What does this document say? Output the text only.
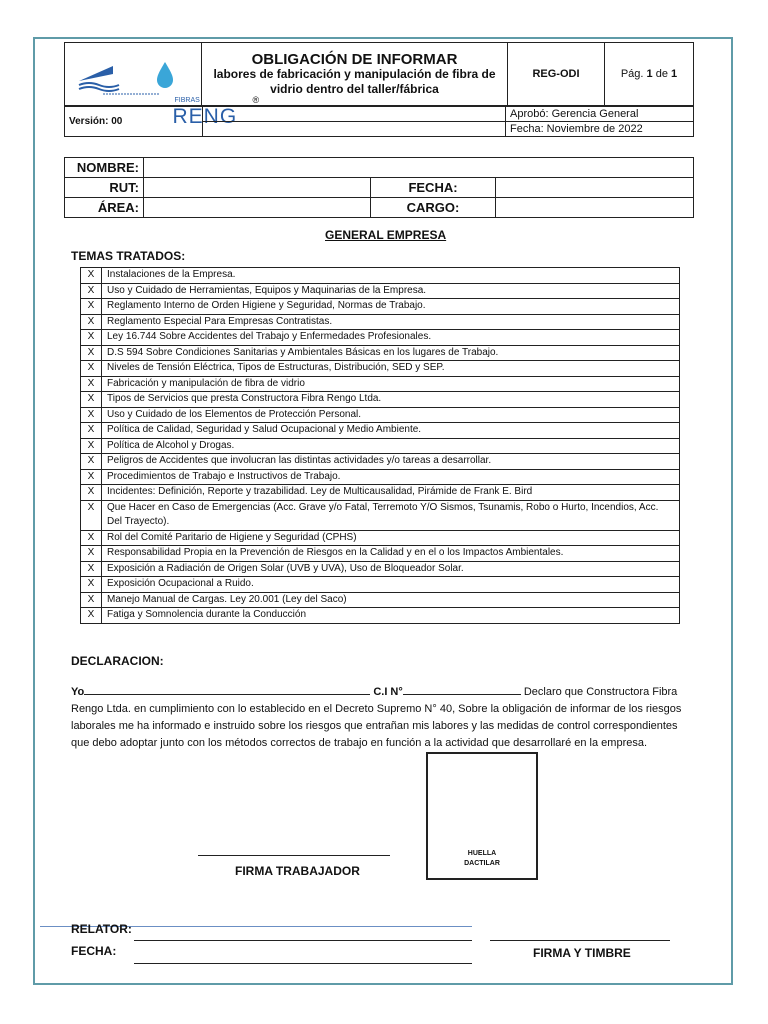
FIBRAS
RENG
®

OBLIGACIÓN DE INFORMAR
labores de fabricación y manipulación de fibra de vidrio dentro del taller/fábrica
	REG-ODI	Pág. 1 de 1
Versión: 00		Aprobó: Gerencia General
		Fecha: Noviembre de 2022
NOMBRE:			
RUT:		FECHA:	
ÁREA:		CARGO:	
GENERAL EMPRESA
TEMAS TRATADOS:
X	Instalaciones de la Empresa.
X	Uso y Cuidado de Herramientas, Equipos y Maquinarias de la Empresa.
X	Reglamento Interno de Orden Higiene y Seguridad, Normas de Trabajo.
X	Reglamento Especial Para Empresas Contratistas.
X	Ley 16.744 Sobre Accidentes del Trabajo y Enfermedades Profesionales.
X	D.S 594 Sobre Condiciones Sanitarias y Ambientales Básicas en los lugares de Trabajo.
X	Niveles de Tensión Eléctrica, Tipos de Estructuras, Distribución, SED y SEP.
X	Fabricación y manipulación de fibra de vidrio
X	Tipos de Servicios que presta Constructora Fibra Rengo Ltda.
X	Uso y Cuidado de los Elementos de Protección Personal.
X	Política de Calidad, Seguridad y Salud Ocupacional y Medio Ambiente.
X	Política de Alcohol y Drogas.
X	Peligros de Accidentes que involucran las distintas actividades y/o tareas a desarrollar.
X	Procedimientos de Trabajo e Instructivos de Trabajo.
X	Incidentes: Definición, Reporte y trazabilidad. Ley de Multicausalidad, Pirámide de Frank E. Bird
X	Que Hacer en Caso de Emergencias (Acc. Grave y/o Fatal, Terremoto Y/O Sismos, Tsunamis, Robo o Hurto, Incendios, Acc. Del Trayecto).
X	Rol del Comité Paritario de Higiene y Seguridad (CPHS)
X	Responsabilidad Propia en la Prevención de Riesgos en la Calidad y en el o los Impactos Ambientales.
X	Exposición a Radiación de Origen Solar (UVB y UVA), Uso de Bloqueador Solar.
X	Exposición Ocupacional a Ruido.
X	Manejo Manual de Cargas. Ley 20.001 (Ley del Saco)
X	Fatiga y Somnolencia durante la Conducción
DECLARACION:
Yo	C.I N°	Declaro que Constructora Fibra Rengo Ltda. en cumplimiento con lo establecido en el Decreto Supremo N° 40, Sobre la obligación de informar de los riesgos laborales me ha informado e instruido sobre los riesgos que entrañan mis labores y las medidas de control correspondientes que debo adoptar junto con los métodos correctos de trabajo en función a la actividad que desarrollaré en la empresa.
HUELLA
DACTILAR
FIRMA TRABAJADOR
RELATOR:
FECHA:	FIRMA Y TIMBRE
